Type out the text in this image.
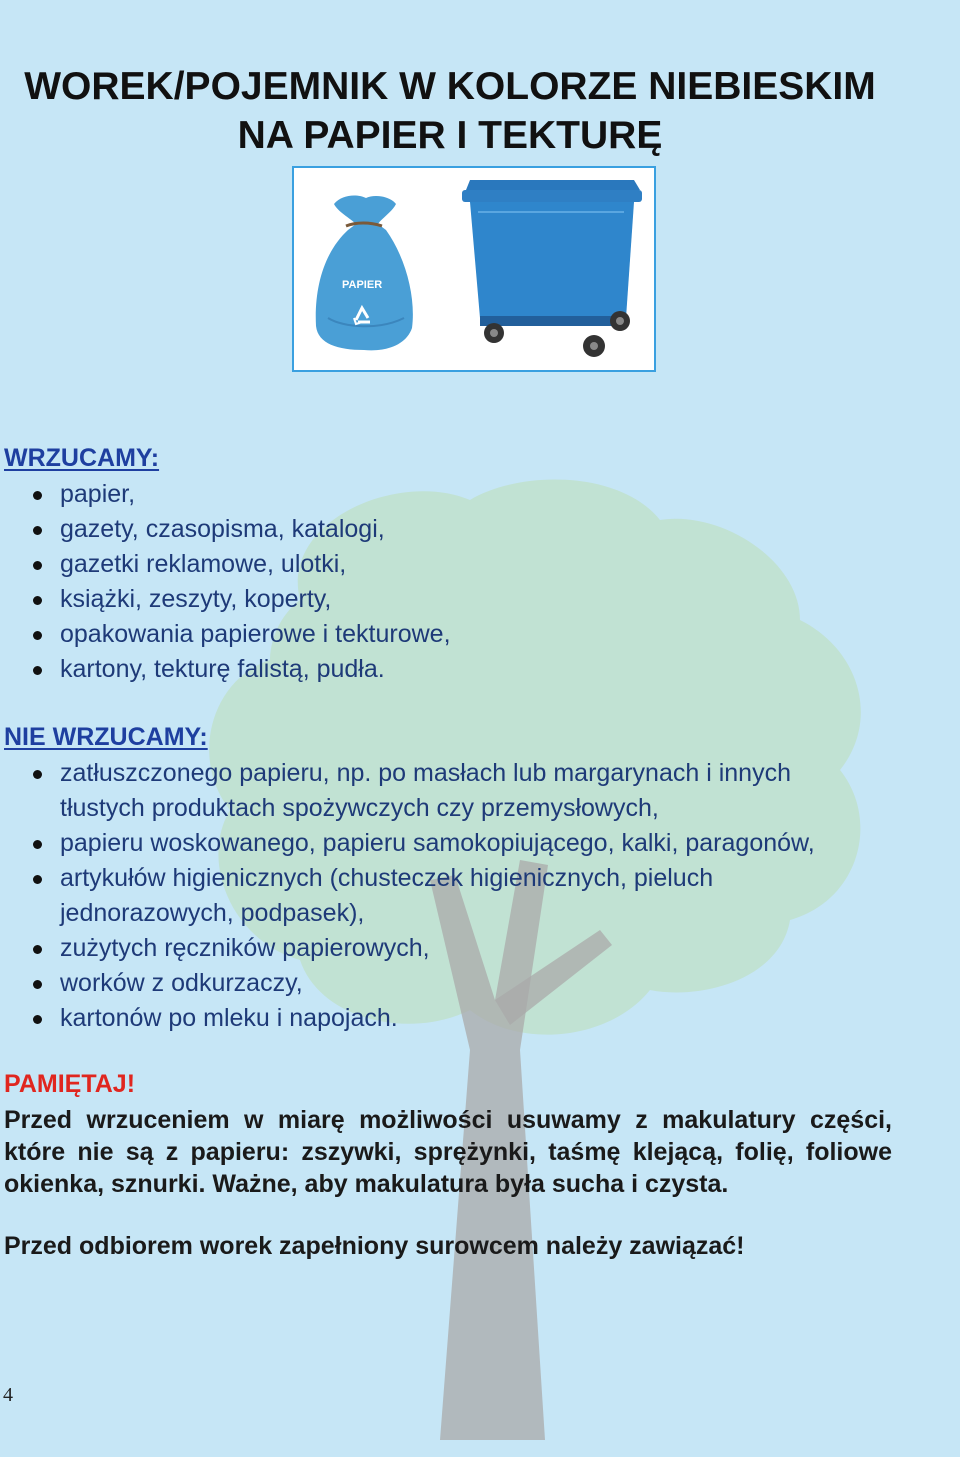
WOREK/POJEMNIK W KOLORZE NIEBIESKIM
NA PAPIER I TEKTURĘ
PAPIER
WRZUCAMY:
papier,
gazety, czasopisma, katalogi,
gazetki reklamowe, ulotki,
książki, zeszyty, koperty,
opakowania papierowe i tekturowe,
kartony, tekturę falistą, pudła.
NIE WRZUCAMY:
zatłuszczonego papieru, np. po masłach lub margarynach i innych tłustych produktach spożywczych czy przemysłowych,
papieru woskowanego, papieru samokopiującego, kalki, paragonów,
artykułów higienicznych (chusteczek higienicznych, pieluch jednorazowych, podpasek),
zużytych ręczników papierowych,
worków z odkurzaczy,
kartonów po mleku i napojach.
PAMIĘTAJ!
Przed wrzuceniem w miarę możliwości usuwamy z makulatury części, które nie są z papieru: zszywki, sprężynki, taśmę klejącą, folię, foliowe okienka, sznurki. Ważne, aby makulatura była sucha i czysta.
Przed odbiorem worek zapełniony surowcem należy zawiązać!
4
